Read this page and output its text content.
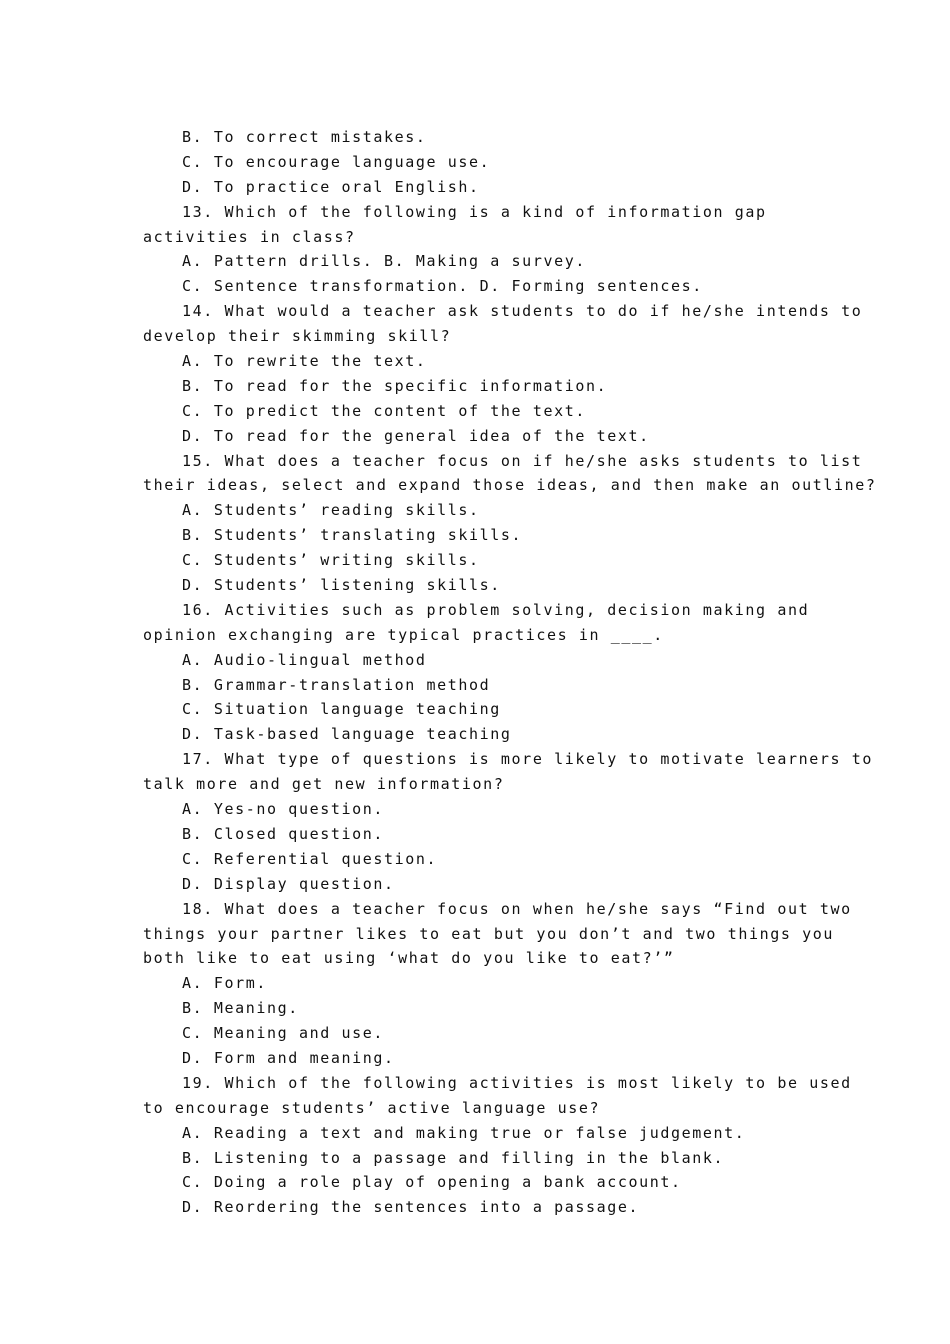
B. To correct mistakes.
C. To encourage language use.
D. To practice oral English.
13. Which of the following is a kind of information gap
activities in class?
A. Pattern drills. B. Making a survey.
C. Sentence transformation. D. Forming sentences.
14. What would a teacher ask students to do if he/she intends to
develop their skimming skill?
A. To rewrite the text.
B. To read for the specific information.
C. To predict the content of the text.
D. To read for the general idea of the text.
15. What does a teacher focus on if he/she asks students to list
their ideas, select and expand those ideas, and then make an outline?
A. Students’ reading skills.
B. Students’ translating skills.
C. Students’ writing skills.
D. Students’ listening skills.
16. Activities such as problem solving, decision making and
opinion exchanging are typical practices in ____.
A. Audio-lingual method
B. Grammar-translation method
C. Situation language teaching
D. Task-based language teaching
17. What type of questions is more likely to motivate learners to
talk more and get new information?
A. Yes-no question.
B. Closed question.
C. Referential question.
D. Display question.
18. What does a teacher focus on when he/she says “Find out two
things your partner likes to eat but you don’t and two things you
both like to eat using ‘what do you like to eat?’”
A. Form.
B. Meaning.
C. Meaning and use.
D. Form and meaning.
19. Which of the following activities is most likely to be used
to encourage students’ active language use?
A. Reading a text and making true or false judgement.
B. Listening to a passage and filling in the blank.
C. Doing a role play of opening a bank account.
D. Reordering the sentences into a passage.
